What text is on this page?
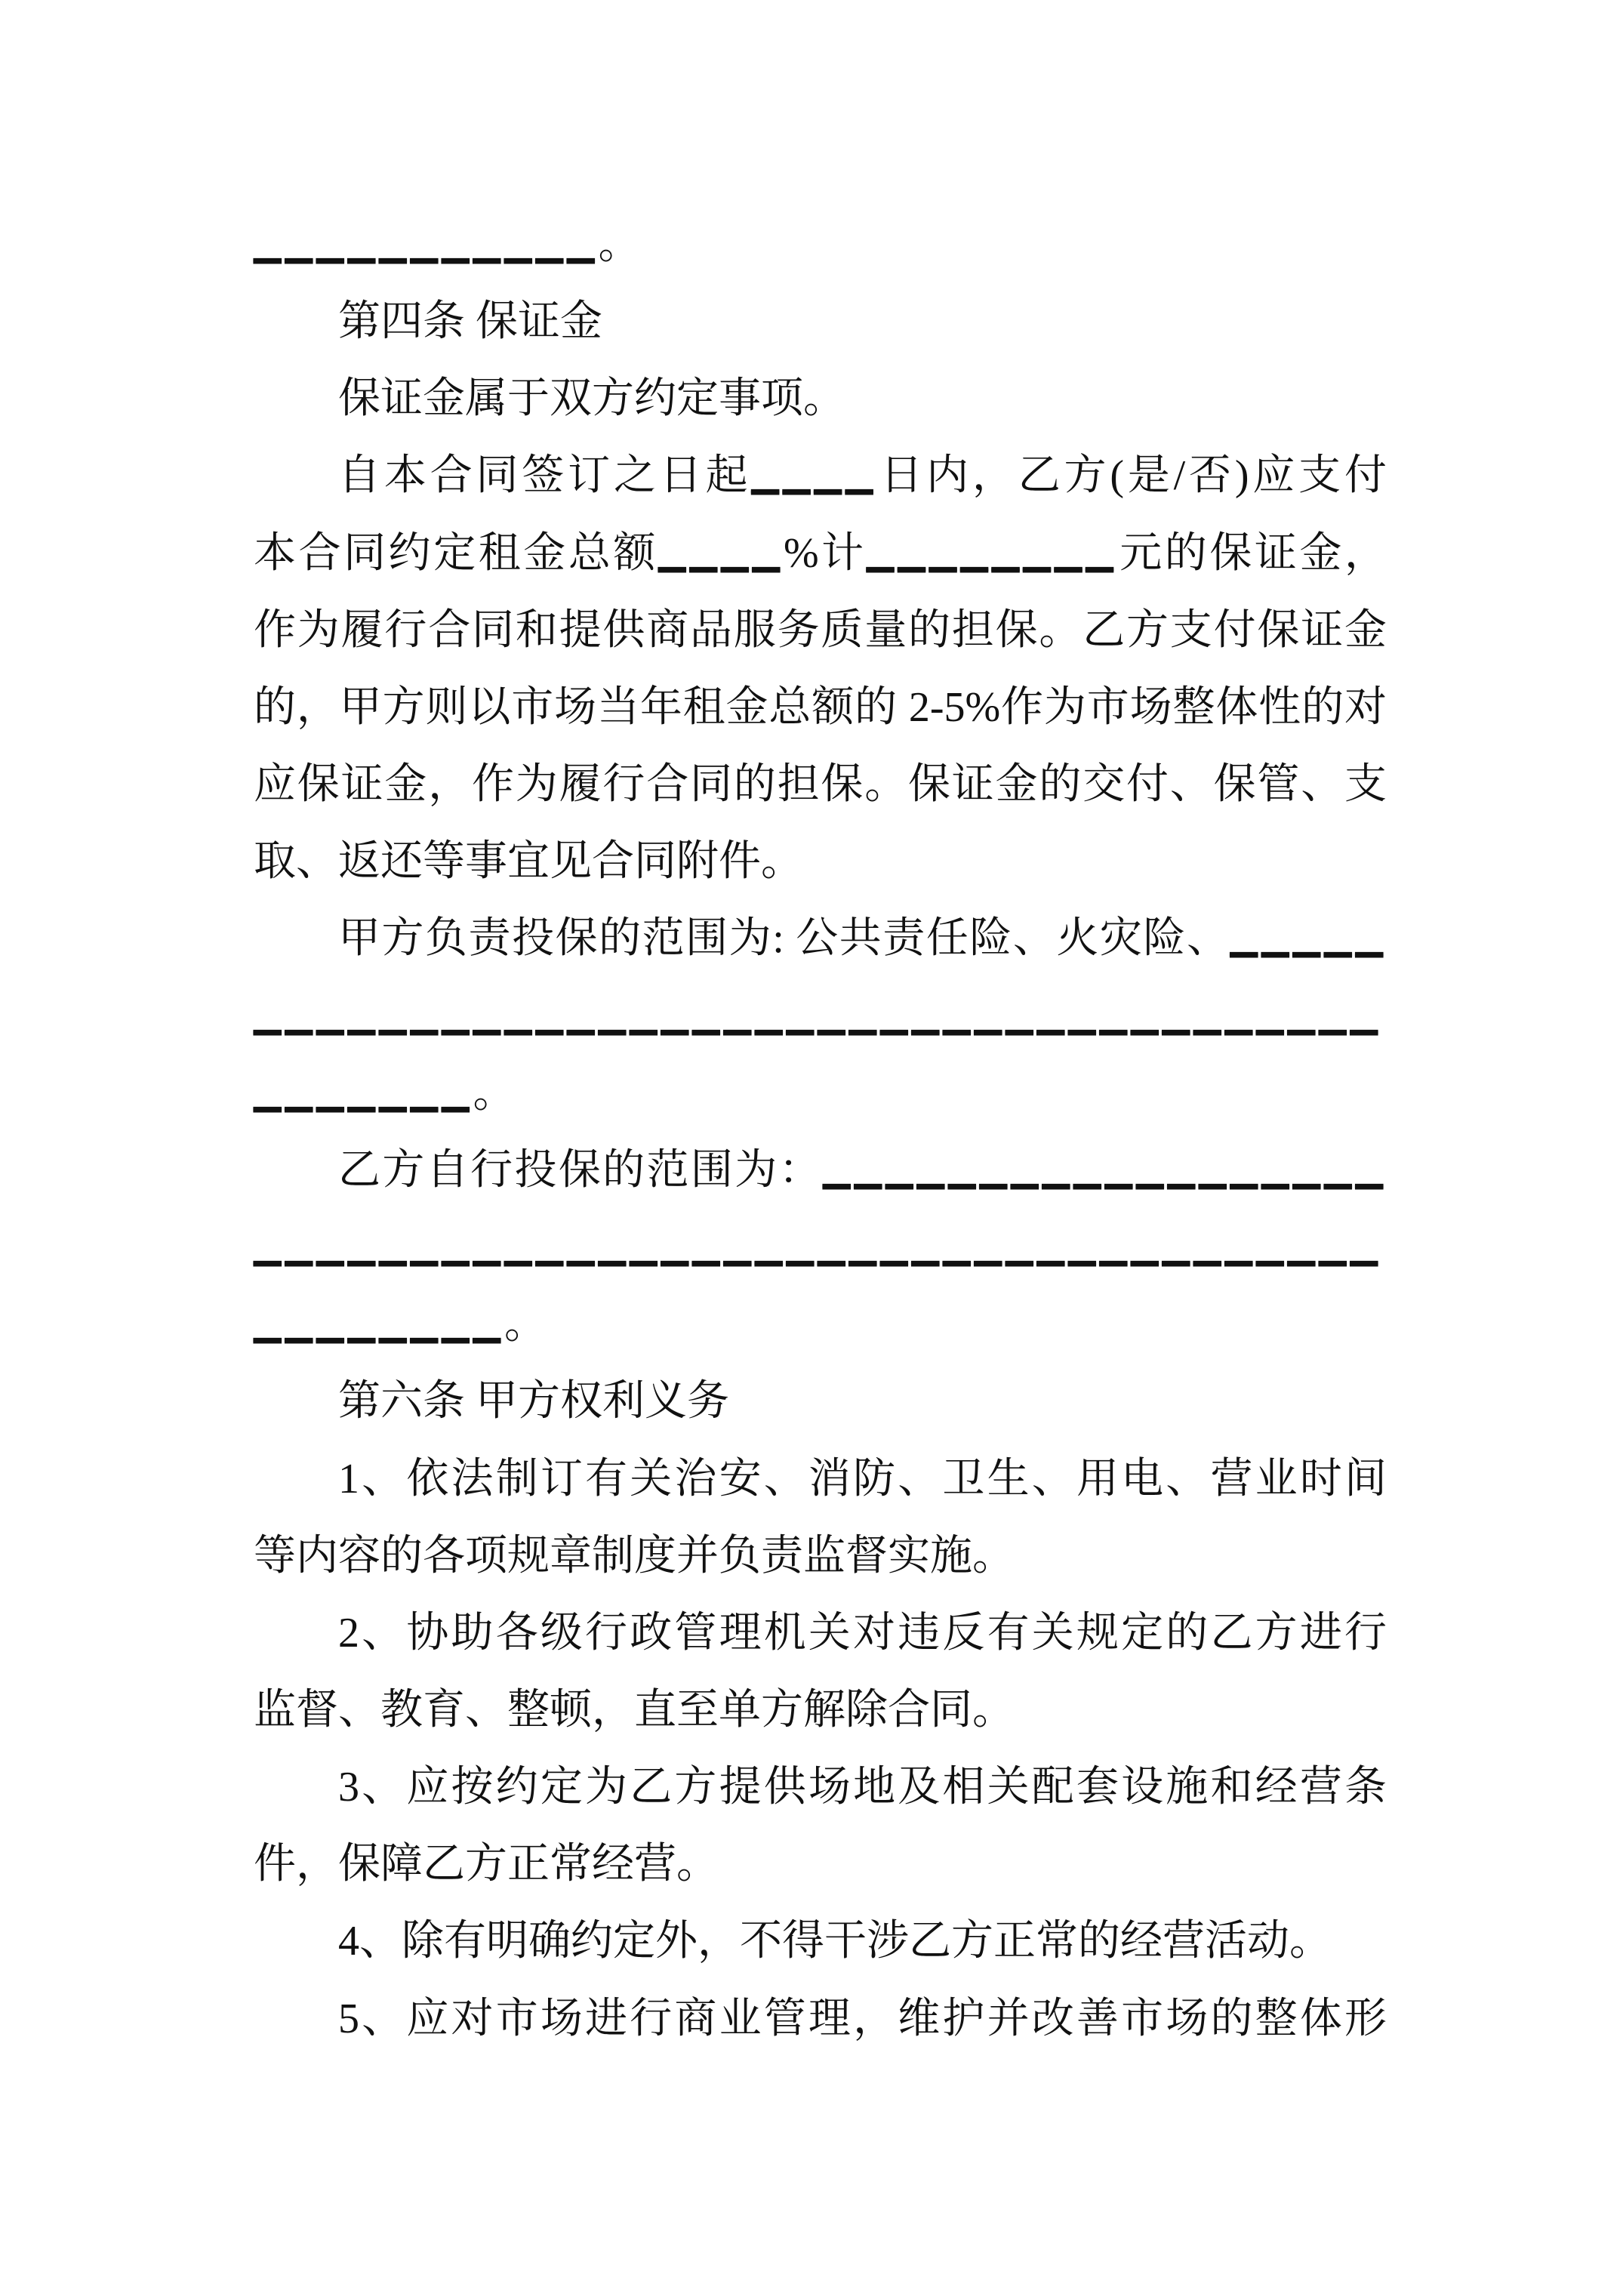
___________。
第四条 保证金
保证金属于双方约定事项。
自本合同签订之日起____日内，乙方(是/否)应支付
本合同约定租金总额____%计________元的保证金，
作为履行合同和提供商品服务质量的担保。乙方支付保证金
的，甲方则以市场当年租金总额的 2-5%作为市场整体性的对
应保证金，作为履行合同的担保。保证金的交付、保管、支
取、返还等事宜见合同附件。
甲方负责投保的范围为: 公共责任险、火灾险、_____
____________________________________
_______。
乙方自行投保的范围为：__________________
____________________________________
________。
第六条 甲方权利义务
1、依法制订有关治安、消防、卫生、用电、营业时间
等内容的各项规章制度并负责监督实施。
2、协助各级行政管理机关对违反有关规定的乙方进行
监督、教育、整顿，直至单方解除合同。
3、应按约定为乙方提供场地及相关配套设施和经营条
件，保障乙方正常经营。
4、除有明确约定外，不得干涉乙方正常的经营活动。
5、应对市场进行商业管理，维护并改善市场的整体形
